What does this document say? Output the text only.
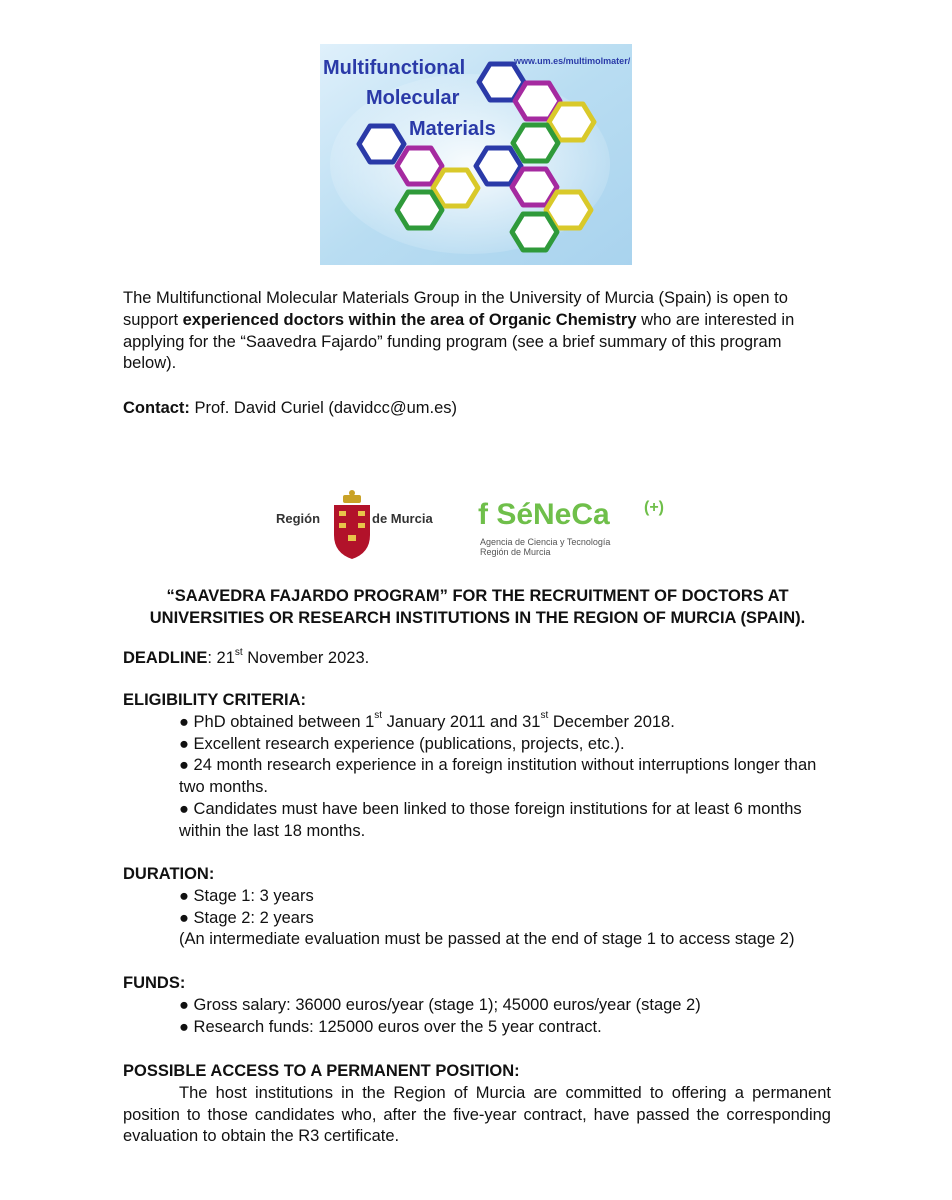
Multifunctional
Molecular
Materials
www.um.es/multimolmater/
The Multifunctional Molecular Materials Group in the University of Murcia (Spain) is open to support experienced doctors within the area of Organic Chemistry who are interested in applying for the “Saavedra Fajardo” funding program (see a brief summary of this program below).
Contact: Prof. David Curiel (davidcc@um.es)
Región	de Murcia f SéNeCa (+)
Agencia de Ciencia y Tecnología
Región de Murcia
“SAAVEDRA FAJARDO PROGRAM” FOR THE RECRUITMENT OF DOCTORS AT UNIVERSITIES OR RESEARCH INSTITUTIONS IN THE REGION OF MURCIA (SPAIN).
DEADLINE: 21st November 2023.
ELIGIBILITY CRITERIA:
● PhD obtained between 1st January 2011 and 31st December 2018.
● Excellent research experience (publications, projects, etc.).
● 24 month research experience in a foreign institution without interruptions longer than two months.
● Candidates must have been linked to those foreign institutions for at least 6 months within the last 18 months.
DURATION:
● Stage 1: 3 years
● Stage 2: 2 years
(An intermediate evaluation must be passed at the end of stage 1 to access stage 2)
FUNDS:
● Gross salary: 36000 euros/year (stage 1); 45000 euros/year (stage 2)
● Research funds: 125000 euros over the 5 year contract.
POSSIBLE ACCESS TO A PERMANENT POSITION:

The host institutions in the Region of Murcia are committed to offering a permanent position to those candidates who, after the five-year contract, have passed the corresponding evaluation to obtain the R3 certificate.
